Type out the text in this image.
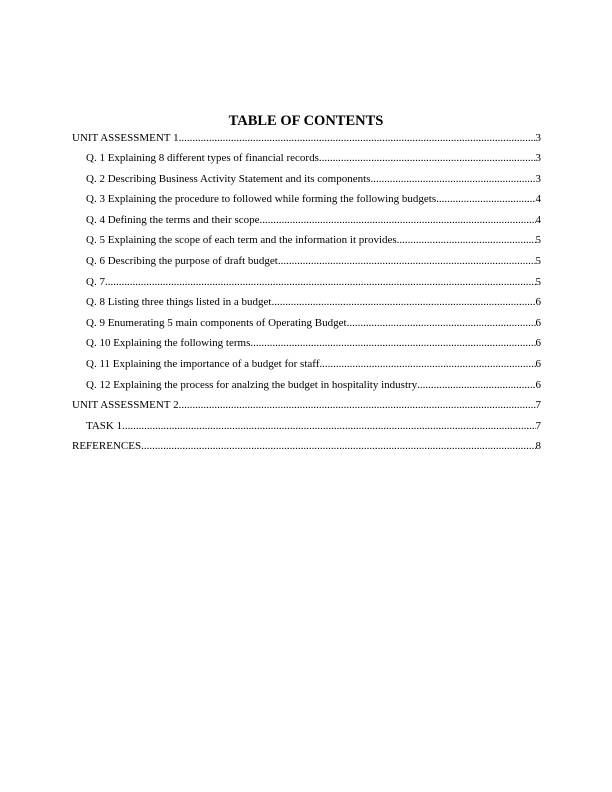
TABLE OF CONTENTS
UNIT ASSESSMENT 1 .....	3
Q. 1 Explaining 8 different types of financial records .....	3
Q. 2 Describing Business Activity Statement and its components .....	3
Q. 3 Explaining the procedure to followed while forming the following budgets .....	4
Q. 4 Defining the terms and their scope .....	4
Q. 5 Explaining the scope of each term and the information it provides .....	5
Q. 6 Describing the purpose of draft budget .....	5
Q. 7 .....	5
Q. 8 Listing three things listed in a budget .....	6
Q. 9 Enumerating 5 main components of Operating Budget .....	6
Q. 10 Explaining the following terms .....	6
Q. 11 Explaining the importance of a budget for staff .....	6
Q. 12 Explaining the process for analzing the budget in hospitality industry .....	6
UNIT ASSESSMENT 2 .....	7
TASK 1 .....	7
REFERENCES .....	8
